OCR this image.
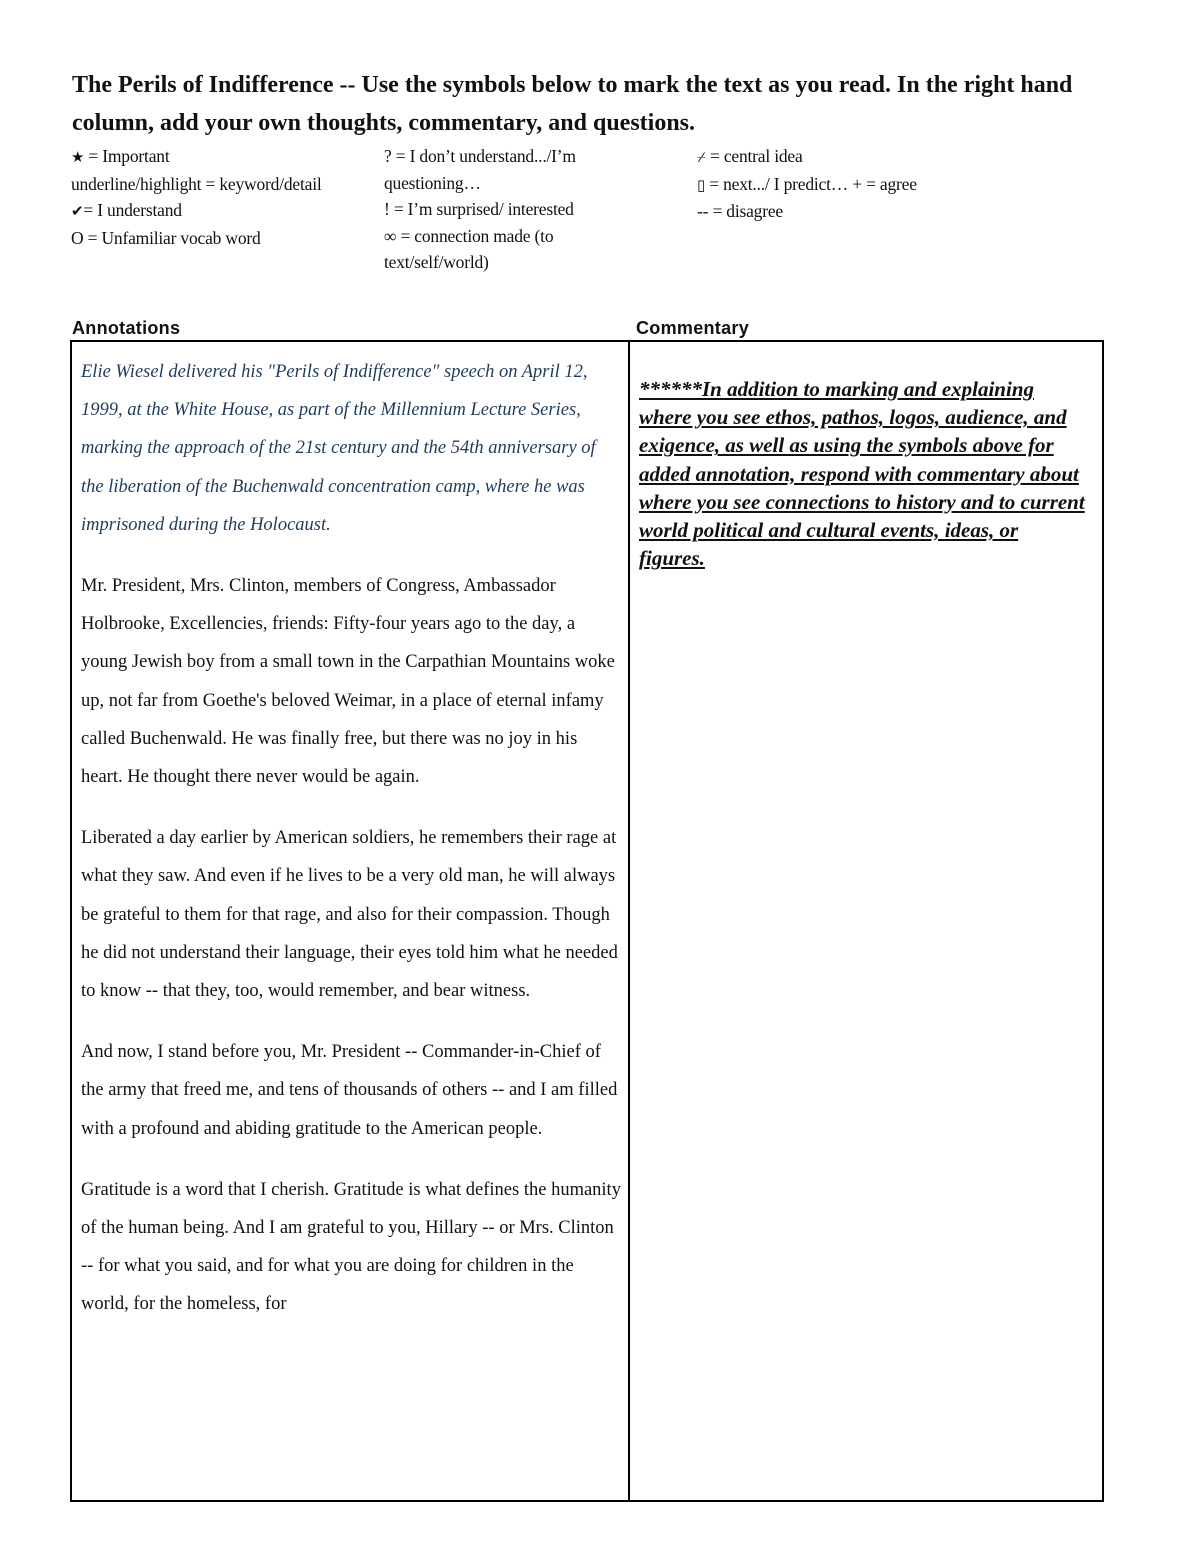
The Perils of Indifference -- Use the symbols below to mark the text as you read. In the right hand column, add your own thoughts, commentary, and questions.
★ = Important
underline/highlight = keyword/detail
✔= I understand
O = Unfamiliar vocab word
? = I don’t understand.../I’m questioning…
! = I’m surprised/ interested
∞ = connection made (to text/self/world)
⌿ = central idea
▯ = next.../ I predict… + = agree
-- = disagree
Annotations	Commentary

Elie Wiesel delivered his "Perils of Indifference" speech on April 12, 1999, at the White House, as part of the Millennium Lecture Series, marking the approach of the 21st century and the 54th anniversary of the liberation of the Buchenwald concentration camp, where he was imprisoned during the Holocaust.

Mr. President, Mrs. Clinton, members of Congress, Ambassador Holbrooke, Excellencies, friends: Fifty-four years ago to the day, a young Jewish boy from a small town in the Carpathian Mountains woke up, not far from Goethe's beloved Weimar, in a place of eternal infamy called Buchenwald. He was finally free, but there was no joy in his heart. He thought there never would be again.

Liberated a day earlier by American soldiers, he remembers their rage at what they saw. And even if he lives to be a very old man, he will always be grateful to them for that rage, and also for their compassion. Though he did not understand their language, their eyes told him what he needed to know -- that they, too, would remember, and bear witness.

And now, I stand before you, Mr. President -- Commander-in-Chief of the army that freed me, and tens of thousands of others -- and I am filled with a profound and abiding gratitude to the American people.

Gratitude is a word that I cherish. Gratitude is what defines the humanity of the human being. And I am grateful to you, Hillary -- or Mrs. Clinton -- for what you said, and for what you are doing for children in the world, for the homeless, for

******In addition to marking and explaining where you see ethos, pathos, logos, audience, and exigence, as well as using the symbols above for added annotation, respond with commentary about where you see connections to history and to current world political and cultural events, ideas, or figures.
